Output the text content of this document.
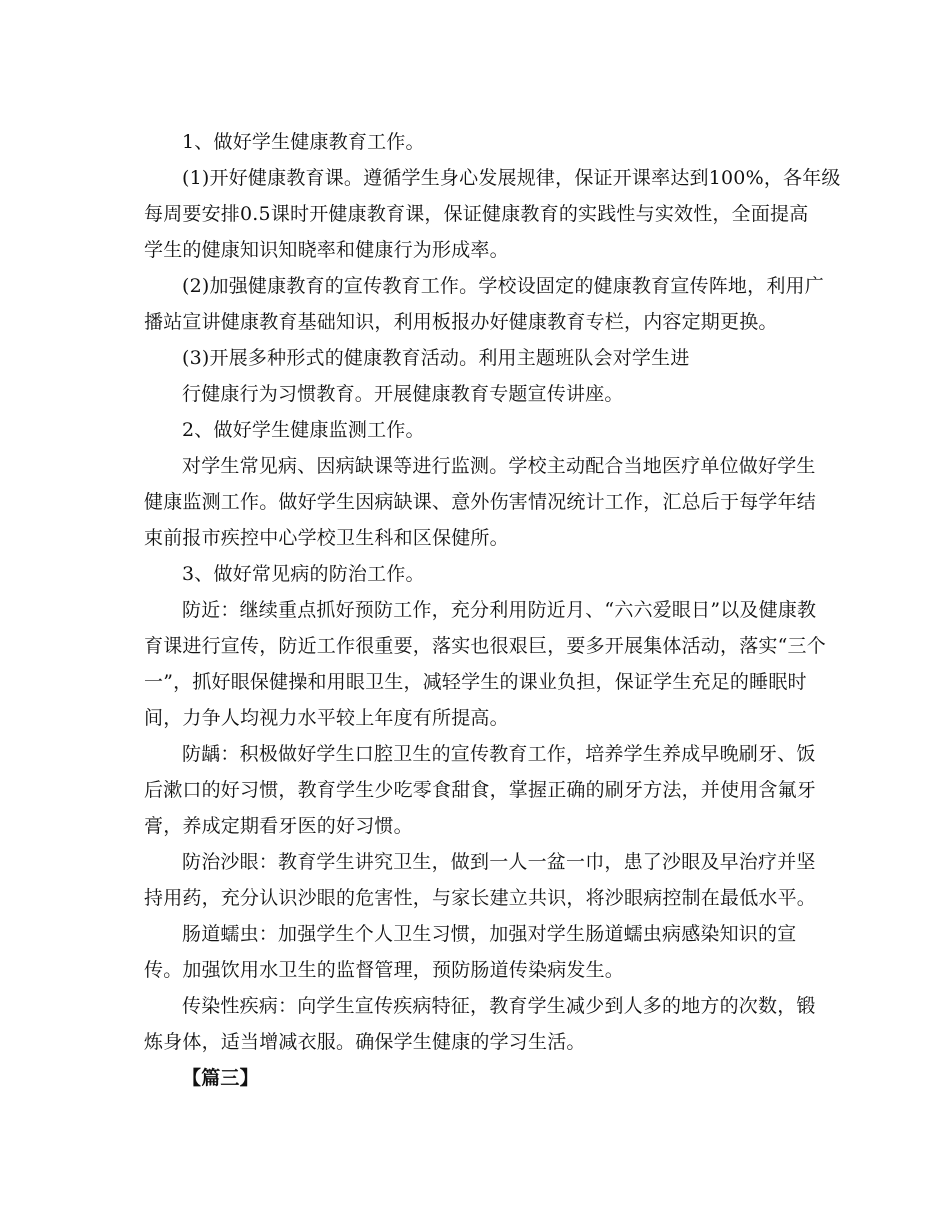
1、做好学生健康教育工作。
(1)开好健康教育课。遵循学生身心发展规律，保证开课率达到100%，各年级
每周要安排0.5课时开健康教育课，保证健康教育的实践性与实效性，全面提高
学生的健康知识知晓率和健康行为形成率。
(2)加强健康教育的宣传教育工作。学校设固定的健康教育宣传阵地，利用广
播站宣讲健康教育基础知识，利用板报办好健康教育专栏，内容定期更换。
(3)开展多种形式的健康教育活动。利用主题班队会对学生进
行健康行为习惯教育。开展健康教育专题宣传讲座。
2、做好学生健康监测工作。
对学生常见病、因病缺课等进行监测。学校主动配合当地医疗单位做好学生
健康监测工作。做好学生因病缺课、意外伤害情况统计工作，汇总后于每学年结
束前报市疾控中心学校卫生科和区保健所。
3、做好常见病的防治工作。
防近：继续重点抓好预防工作，充分利用防近月、“六六爱眼日”以及健康教
育课进行宣传，防近工作很重要，落实也很艰巨，要多开展集体活动，落实“三个
一”，抓好眼保健操和用眼卫生，减轻学生的课业负担，保证学生充足的睡眠时
间，力争人均视力水平较上年度有所提高。
防龋：积极做好学生口腔卫生的宣传教育工作，培养学生养成早晚刷牙、饭
后漱口的好习惯，教育学生少吃零食甜食，掌握正确的刷牙方法，并使用含氟牙
膏，养成定期看牙医的好习惯。
防治沙眼：教育学生讲究卫生，做到一人一盆一巾，患了沙眼及早治疗并坚
持用药，充分认识沙眼的危害性，与家长建立共识，将沙眼病控制在最低水平。
肠道蠕虫：加强学生个人卫生习惯，加强对学生肠道蠕虫病感染知识的宣
传。加强饮用水卫生的监督管理，预防肠道传染病发生。
传染性疾病：向学生宣传疾病特征，教育学生减少到人多的地方的次数，锻
炼身体，适当增减衣服。确保学生健康的学习生活。
【篇三】
